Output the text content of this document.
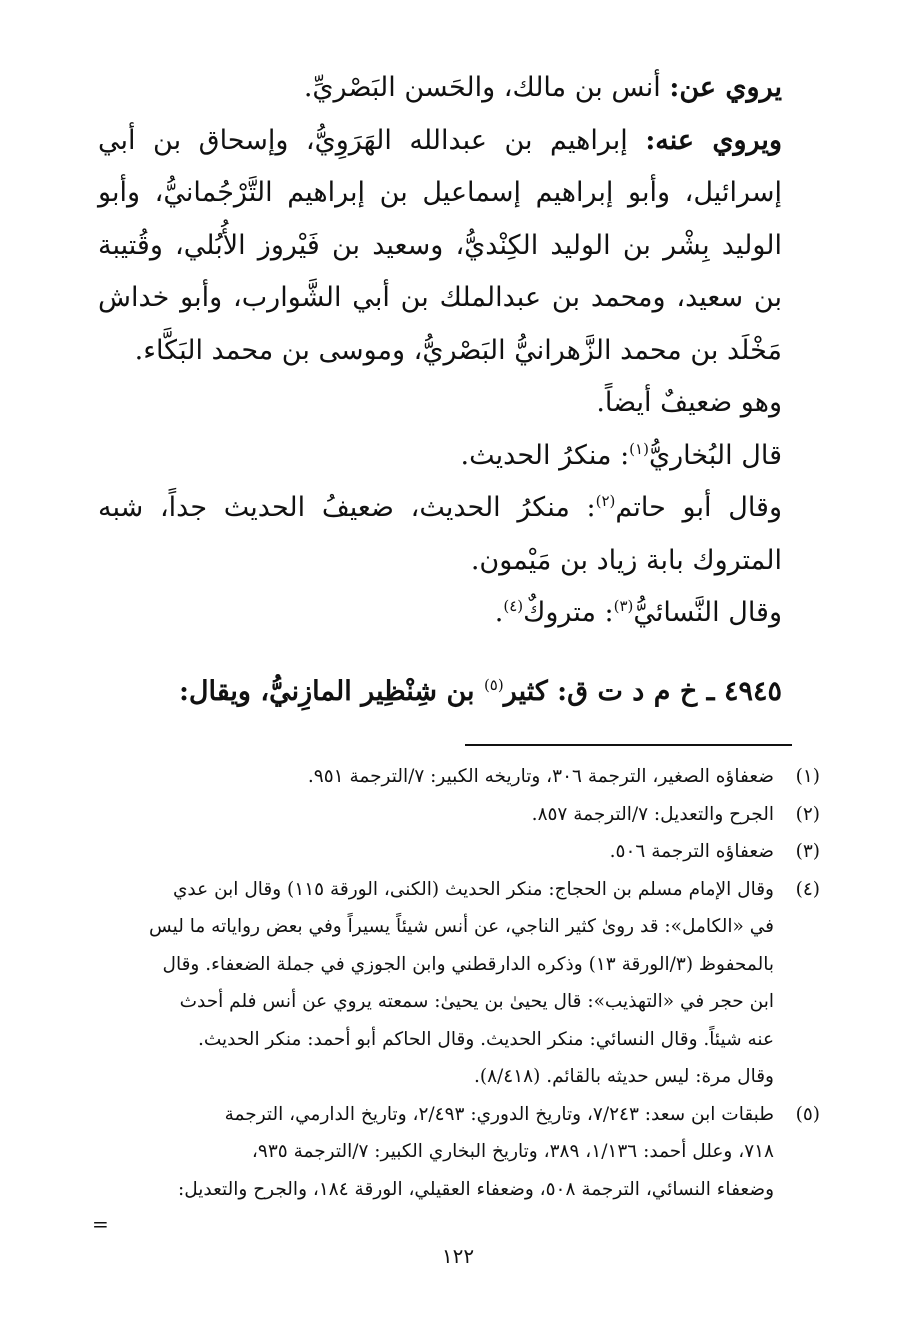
يروي عن: أنس بن مالك، والحَسن البَصْريِّ.

ويروي عنه: إبراهيم بن عبدالله الهَرَوِيُّ، وإسحاق بن أبي إسرائيل، وأبو إبراهيم إسماعيل بن إبراهيم التَّرْجُمانيُّ، وأبو الوليد بِشْر بن الوليد الكِنْديُّ، وسعيد بن فَيْروز الأُبُلي، وقُتيبة بن سعيد، ومحمد بن عبدالملك بن أبي الشَّوارب، وأبو خداش مَخْلَد بن محمد الزَّهرانيُّ البَصْريُّ، وموسى بن محمد البَكَّاء.

وهو ضعيفٌ أيضاً.

قال البُخاريُّ$^{(١)}$: منكرُ الحديث.

وقال أبو حاتم$^{(٢)}$: منكرُ الحديث، ضعيفُ الحديث جداً، شبه المتروك بابة زياد بن مَيْمون.

وقال النَّسائيُّ$^{(٣)}$: متروكٌ$^{(٤)}$.

٤٩٤٥ ـ خ م د ت ق: كثير$^{(٥)}$ بن شِنْظِير المازِنيُّ، ويقال:
(١)
ضعفاؤه الصغير، الترجمة ٣٠٦، وتاريخه الكبير: ٧/الترجمة ٩٥١.
(٢)
الجرح والتعديل: ٧/الترجمة ٨٥٧.
(٣)
ضعفاؤه الترجمة ٥٠٦.
(٤)
وقال الإمام مسلم بن الحجاج: منكر الحديث (الكنى، الورقة ١١٥) وقال ابن عدي
في «الكامل»: قد روىٰ كثير الناجي، عن أنس شيئاً يسيراً وفي بعض رواياته ما ليس
بالمحفوظ (٣/الورقة ١٣) وذكره الدارقطني وابن الجوزي في جملة الضعفاء. وقال
ابن حجر في «التهذيب»: قال يحيىٰ بن يحيىٰ: سمعته يروي عن أنس فلم أحدث
عنه شيئاً. وقال النسائي: منكر الحديث. وقال الحاكم أبو أحمد: منكر الحديث.
وقال مرة: ليس حديثه بالقائم. (٨/٤١٨).
(٥)
طبقات ابن سعد: ٧/٢٤٣، وتاريخ الدوري: ٢/٤٩٣، وتاريخ الدارمي، الترجمة
٧١٨، وعلل أحمد: ١/١٣٦، ٣٨٩، وتاريخ البخاري الكبير: ٧/الترجمة ٩٣٥،
وضعفاء النسائي، الترجمة ٥٠٨، وضعفاء العقيلي، الورقة ١٨٤، والجرح والتعديل:
=
١٢٢
